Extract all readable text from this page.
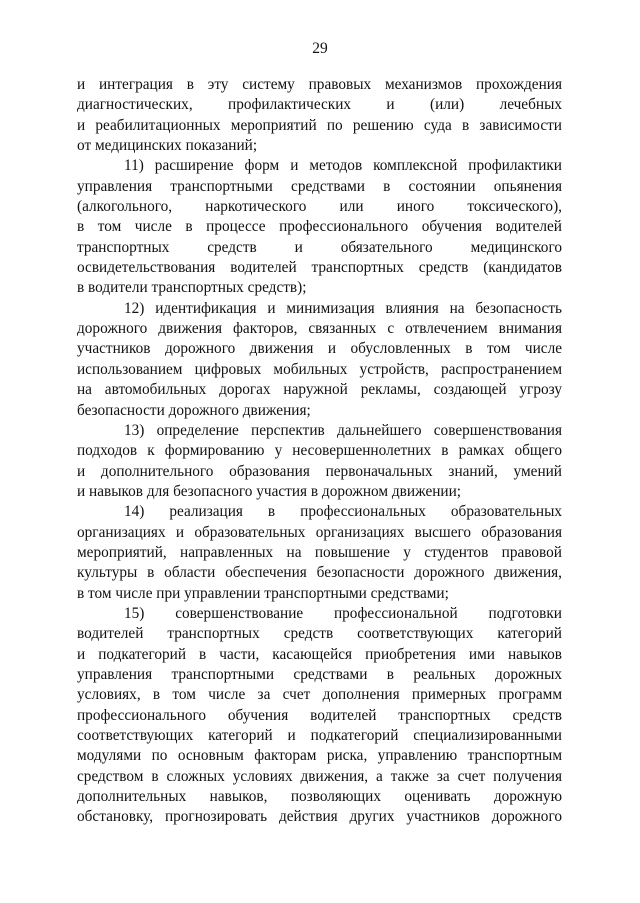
29
и интеграция в эту систему правовых механизмов прохождения
диагностических, профилактических и (или) лечебных
и реабилитационных мероприятий по решению суда в зависимости
от медицинских показаний;
11) расширение форм и методов комплексной профилактики
управления транспортными средствами в состоянии опьянения
(алкогольного, наркотического или иного токсического),
в том числе в процессе профессионального обучения водителей
транспортных средств и обязательного медицинского
освидетельствования водителей транспортных средств (кандидатов
в водители транспортных средств);
12) идентификация и минимизация влияния на безопасность
дорожного движения факторов, связанных с отвлечением внимания
участников дорожного движения и обусловленных в том числе
использованием цифровых мобильных устройств, распространением
на автомобильных дорогах наружной рекламы, создающей угрозу
безопасности дорожного движения;
13) определение перспектив дальнейшего совершенствования
подходов к формированию у несовершеннолетних в рамках общего
и дополнительного образования первоначальных знаний, умений
и навыков для безопасного участия в дорожном движении;
14) реализация в профессиональных образовательных
организациях и образовательных организациях высшего образования
мероприятий, направленных на повышение у студентов правовой
культуры в области обеспечения безопасности дорожного движения,
в том числе при управлении транспортными средствами;
15) совершенствование профессиональной подготовки
водителей транспортных средств соответствующих категорий
и подкатегорий в части, касающейся приобретения ими навыков
управления транспортными средствами в реальных дорожных
условиях, в том числе за счет дополнения примерных программ
профессионального обучения водителей транспортных средств
соответствующих категорий и подкатегорий специализированными
модулями по основным факторам риска, управлению транспортным
средством в сложных условиях движения, а также за счет получения
дополнительных навыков, позволяющих оценивать дорожную
обстановку, прогнозировать действия других участников дорожного
